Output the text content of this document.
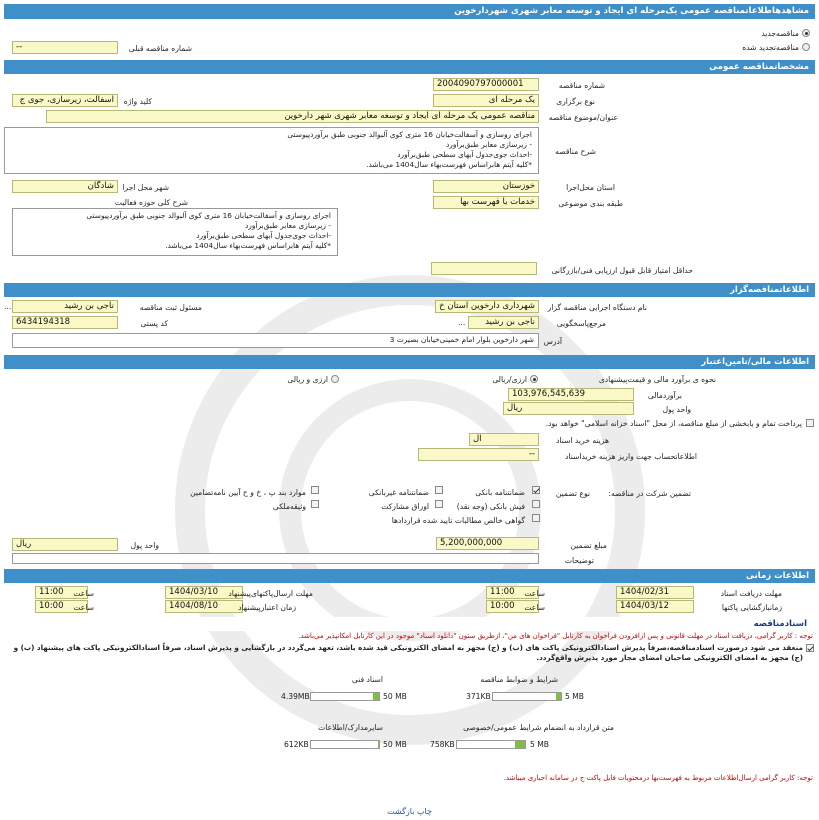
مشاهدهاطلاعاتمناقصه عمومی یک‌مرحله ای ایجاد و توسعه معابر شهری شهردارخوین
مناقصه‌جدید
مناقصه‌تجدید شده
--	شماره مناقصه قبلی
مشخصاتمناقصه عمومی
2004090797000001	شماره مناقصه
یک مرحله ای	نوع برگزاری
آسفالت، زیرسازی، جوی ج	کلید واژه
مناقصه عمومی یک مرحله ای ایجاد و توسعه معابر شهری شهر دارخوین	عنوان/موضوع مناقصه
اجرای روسازی و آسفالت‌خیابان 16 متری کوی آلبوالد جنوبی طبق برآوردپیوستی
- زیرسازی معابر طبق‌برآورد
-احداث جوی‌جدول آبهای سطحی طبق‌برآورد
*کلیه آیتم هابراساس فهرست‌بهاء سال1404 می‌باشد.
شرح مناقصه
خوزستان	استان محل‌اجرا
شادگان	شهر محل اجرا
خدمات با فهرست بها	طبقه بندی موضوعی
شرح کلی حوزه فعالیت
اجرای روسازی و آسفالت‌خیابان 16 متری کوی آلبوالد جنوبی طبق برآوردپیوستی
- زیرسازی معابر طبق‌برآورد
-احداث جوی‌جدول آبهای سطحی طبق‌برآورد
*کلیه آیتم هابراساس فهرست‌بهاء سال1404 می‌باشد.
حداقل امتیاز قابل قبول ارزیابی فنی/بازرگانی
اطلاعاتمناقصه‌گزار
شهرداری دارخوین استان خ	نام دستگاه اجرایی مناقصه گزار
ناجی بن رشید
...	مسئول ثبت مناقصه
ناجی بن رشید
...	مرجع‌پاسخگویی
6434194318	کد پستی
شهر دارخوین بلوار امام خمینی‌خیابان بصیرت 3	آدرس
اطلاعات مالی/تامین‌اعتبار
نحوه ی برآورد مالی و قیمت‌پیشنهادی
ارزی/ریالی
ارزی و ریالی
103,976,545,639	برآوردمالی
ریال	واحد پول
پرداخت تمام و یابخشی از مبلغ مناقصه، از محل "اسناد خزانه اسلامی" خواهد بود.
ال	هزینه خرید اسناد
--	اطلاعاتحساب جهت واریز هزینه خریداسناد
تضمین شرکت در مناقصه:
نوع تضمین
ضمانتنامه بانکی
ضمانتنامه غیربانکی
موارد بند پ ، خ و ح آیین نامه‌تضامین
فیش بانکی (وجه نقد)
اوراق مشارکت
وثیقه‌ملکی
گواهی خالص مطالبات تایید شده قراردادها
5,200,000,000	مبلغ تضمین
ریال	واحد پول
توضیحات
اطلاعات زمانی
1404/02/31	مهلت دریافت اسناد
11:00	ساعت
1404/03/10	مهلت ارسال‌پاکتهای‌پیشنهاد
11:00	ساعت
1404/03/12	زمانبازگشایی پاکتها
10:00	ساعت
1404/08/10	زمان اعتبارپیشنهاد
10:00	ساعت
اسنادمناقصه
توجه : کاربر گرامی، دریافت اسناد در مهلت قانونی و پس ازافزودن فراخوان به کارتابل "فراخوان های من"، ازطریق ستون "دانلود اسناد" موجود در این کارتابل امکانپذیر می‌باشد.
منعقد می شود درصورت اسنادمناقصه،صرفاً پذیرش اسنادالکترونیکی پاکت های (ب) و (ج) مجهز به امضای الکترونیکی قید شده باشد، تعهد می‌گردد در بازگشایی و پذیرش اسناد، صرفاً اسنادالکترونیکی پاکت های پیشنهاد (ب) و (ج) مجهز به امضای الکترونیکی صاحبان امضای مجاز مورد پذیرش واقع‌گردد.
شرایط و ضوابط مناقصه
5 MB
371KB
اسناد فنی
50 MB
4.39MB
متن قرارداد به انضمام شرایط عمومی/خصوصی
5 MB
758KB
سایرمدارک/اطلاعات
50 MB
612KB
توجه: کاربر گرامی ارسال‌اطلاعات مربوط به فهرست‌بها درمحتویات فایل پاکت ج در سامانه اجباری میباشد.
چاپ بازگشت
